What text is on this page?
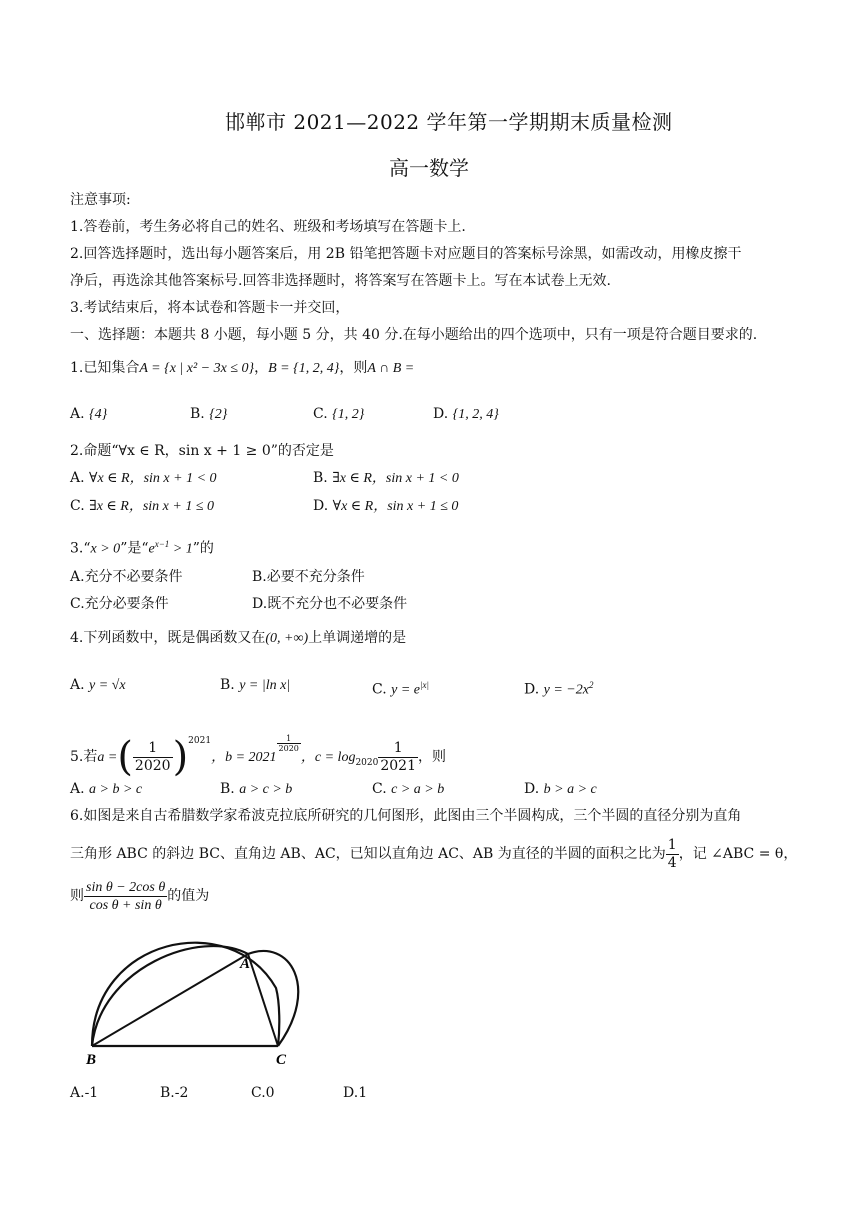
邯郸市 2021—2022 学年第一学期期末质量检测
高一数学
注意事项:
1.答卷前，考生务必将自己的姓名、班级和考场填写在答题卡上.
2.回答选择题时，选出每小题答案后，用 2B 铅笔把答题卡对应题目的答案标号涂黑，如需改动，用橡皮擦干
净后，再选涂其他答案标号.回答非选择题时，将答案写在答题卡上。写在本试卷上无效.
3.考试结束后，将本试卷和答题卡一并交回，
一、选择题：本题共 8 小题，每小题 5 分，共 40 分.在每小题给出的四个选项中，只有一项是符合题目要求的.
1.已知集合A = {x | x² − 3x ≤ 0}，B = {1, 2, 4}，则A ∩ B =
A. {4}	B. {2}	C. {1, 2}	D. {1, 2, 4}
2.命题“∀x ∈ R，sin x + 1 ≥ 0”的否定是
A. ∀x ∈ R，sin x + 1 < 0	B. ∃x ∈ R，sin x + 1 < 0
C. ∃x ∈ R，sin x + 1 ≤ 0	D. ∀x ∈ R，sin x + 1 ≤ 0
3.“x > 0”是“$e^{x-1} > 1$”的
A.充分不必要条件	B.必要不充分条件
C.充分必要条件	D.既不充分也不必要条件
4.下列函数中，既是偶函数又在(0, +∞)上单调递增的是
A. y = √x	B. y = |ln x|	C. $y = e^{|x|}$	D. $y = -2x^2$
5.若a =( $\frac{1}{2020} )^{2021}$，b = 2021
$\frac{1}{2020}$
，$c = \log_{2020} \frac{1}{2021}$ ，则
A. a > b > c	B. a > c > b	C. c > a > b	D. b > a > c
6.如图是来自古希腊数学家希波克拉底所研究的几何图形，此图由三个半圆构成，三个半圆的直径分别为直角
三角形 ABC 的斜边 BC、直角边 AB、AC，已知以直角边 AC、AB 为直径的半圆的面积之比为 $\frac{1}{4}$ ，记 ∠ABC = θ，
则 $\frac{\text{sin θ − 2cos θ}}{\text{cos θ + sin θ}}$ 的值为
A
B	C
A.-1	B.-2	C.0	D.1
